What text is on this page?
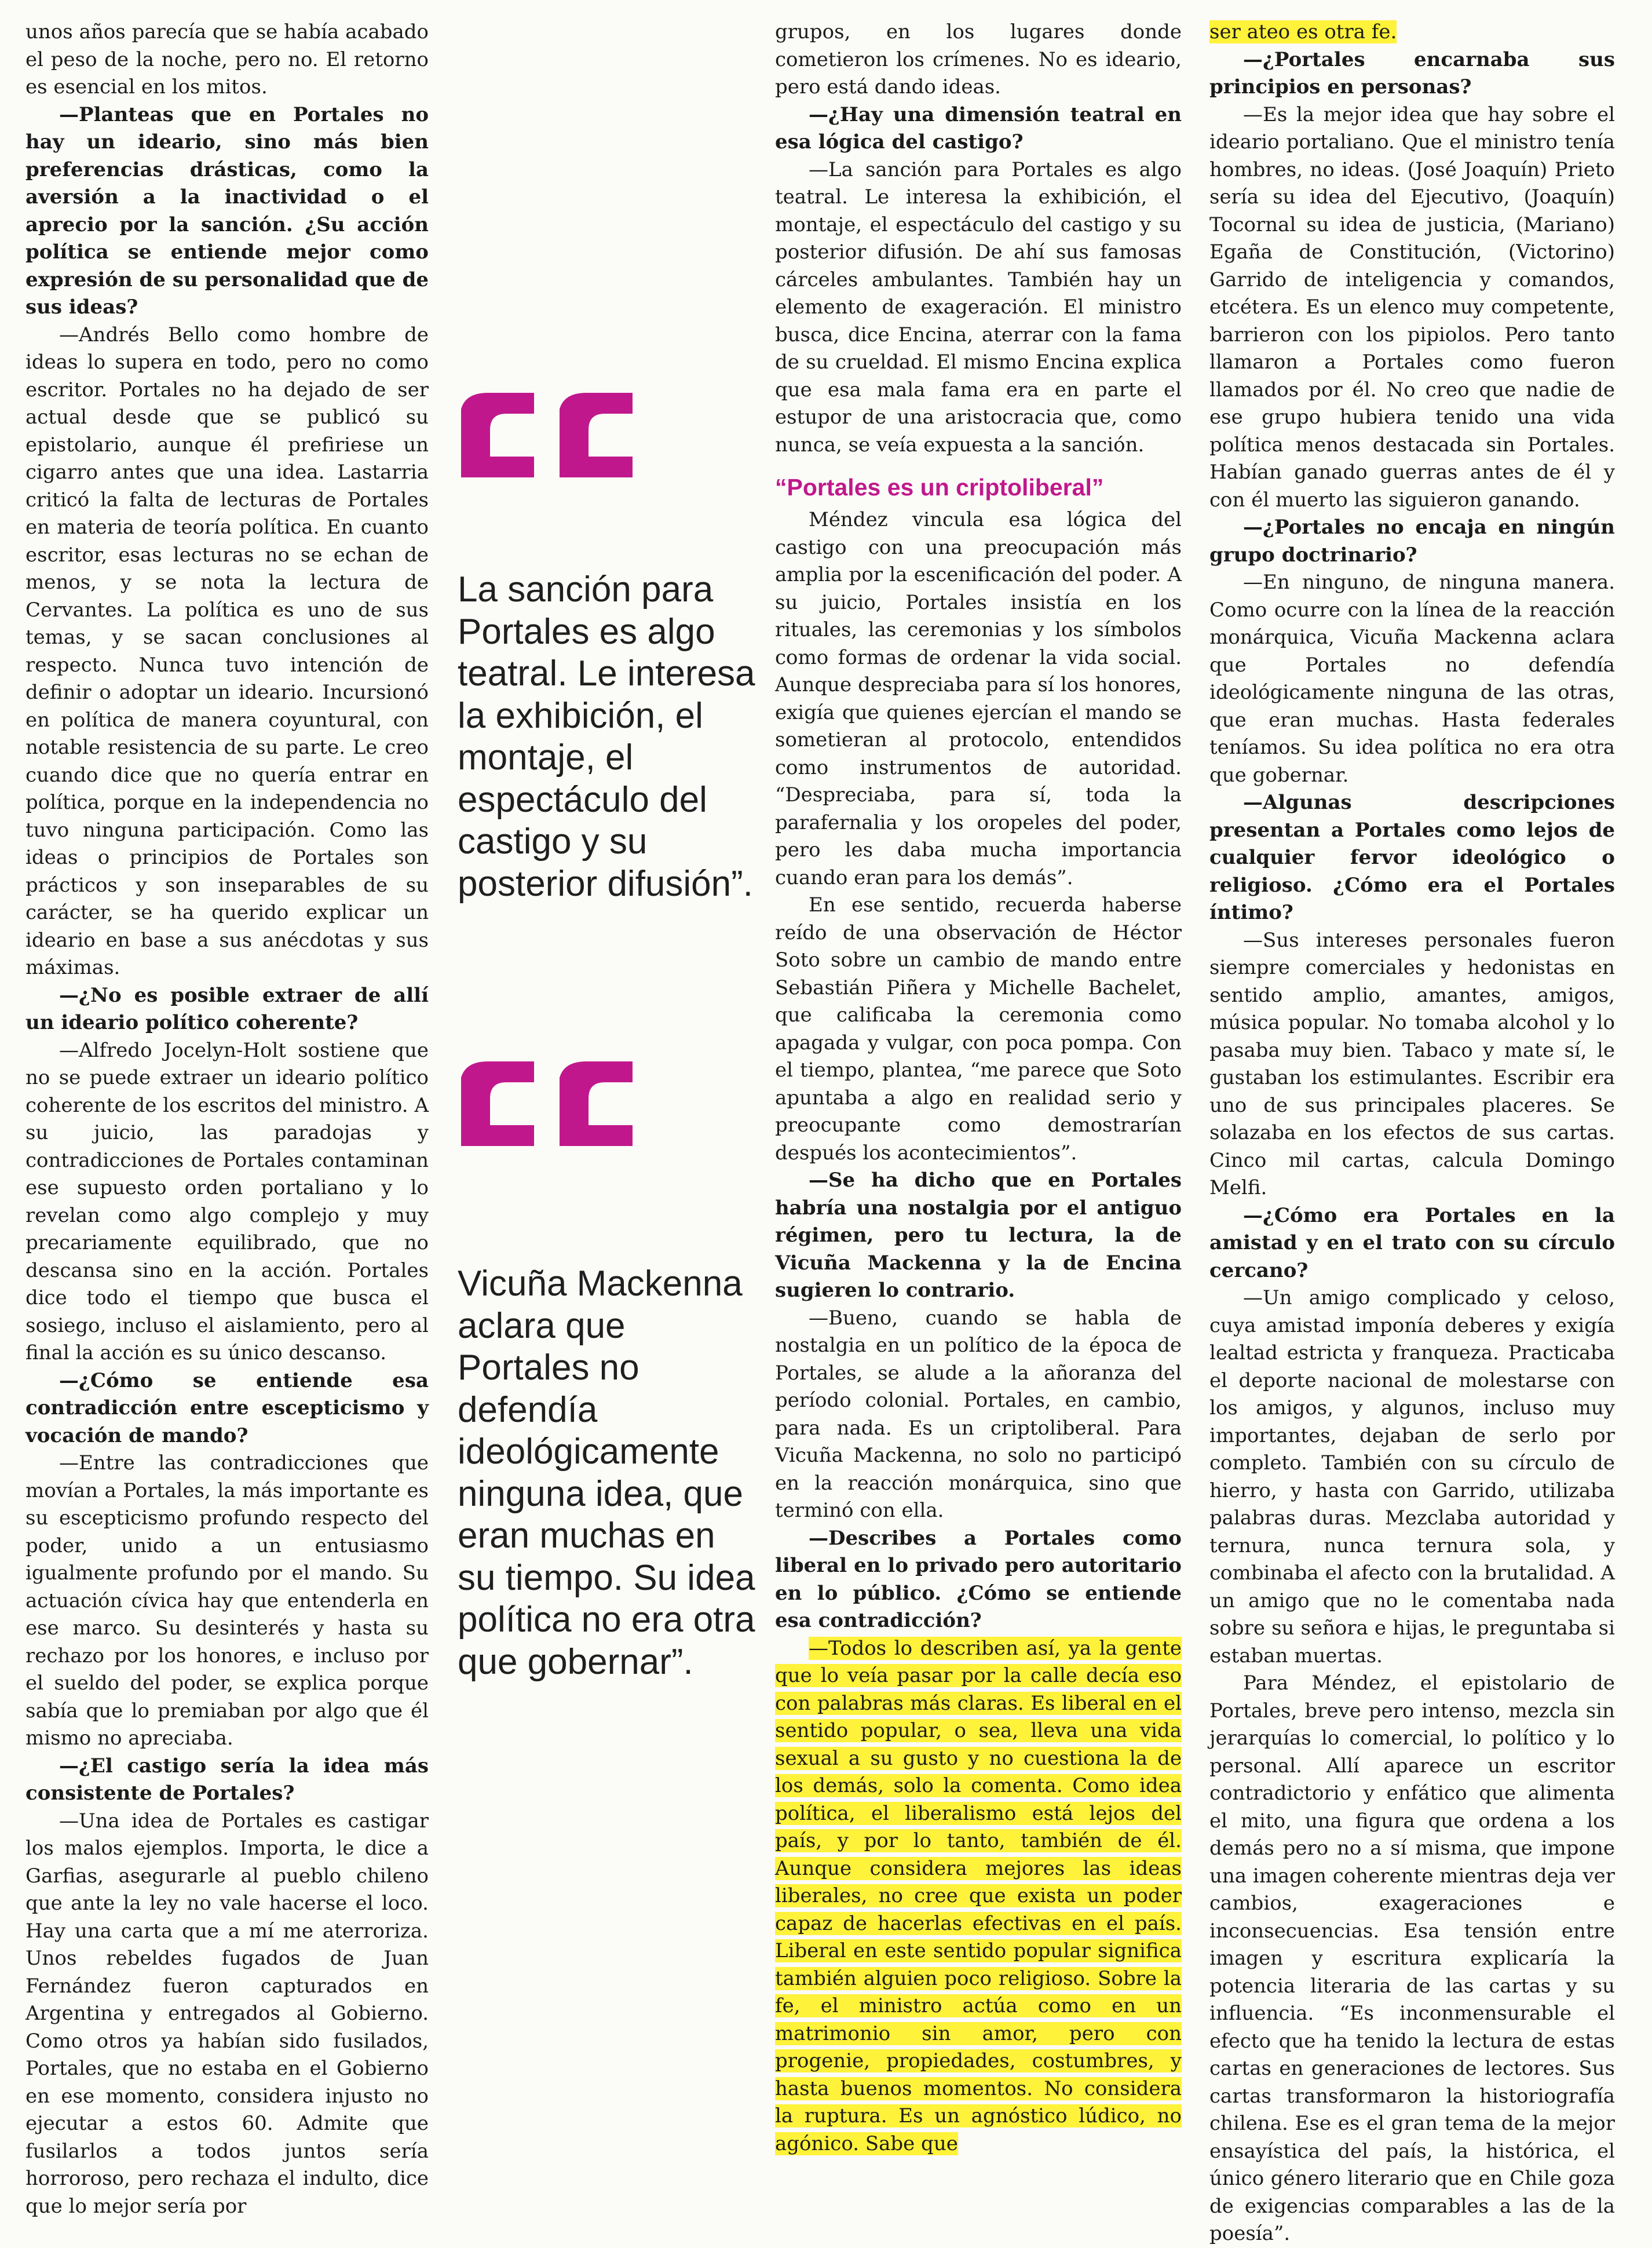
unos años parecía que se había acabado el peso de la noche, pero no. El retorno es esencial en los mitos.

—Planteas que en Portales no hay un ideario, sino más bien preferencias drásticas, como la aversión a la inactividad o el aprecio por la sanción. ¿Su acción política se entiende mejor como expresión de su personalidad que de sus ideas?

—Andrés Bello como hombre de ideas lo supera en todo, pero no como escritor. Portales no ha dejado de ser actual desde que se publicó su epistolario, aunque él prefiriese un cigarro antes que una idea. Lastarria criticó la falta de lecturas de Portales en materia de teoría política. En cuanto escritor, esas lecturas no se echan de menos, y se nota la lectura de Cervantes. La política es uno de sus temas, y se sacan conclusiones al respecto. Nunca tuvo intención de definir o adoptar un ideario. Incursionó en política de manera coyuntural, con notable resistencia de su parte. Le creo cuando dice que no quería entrar en política, porque en la independencia no tuvo ninguna participación. Como las ideas o principios de Portales son prácticos y son inseparables de su carácter, se ha querido explicar un ideario en base a sus anécdotas y sus máximas.

—¿No es posible extraer de allí un ideario político coherente?

—Alfredo Jocelyn-Holt sostiene que no se puede extraer un ideario político coherente de los escritos del ministro. A su juicio, las paradojas y contradicciones de Portales contaminan ese supuesto orden portaliano y lo revelan como algo complejo y muy precariamente equilibrado, que no descansa sino en la acción. Portales dice todo el tiempo que busca el sosiego, incluso el aislamiento, pero al final la acción es su único descanso.

—¿Cómo se entiende esa contradicción entre escepticismo y vocación de mando?

—Entre las contradicciones que movían a Portales, la más importante es su escepticismo profundo respecto del poder, unido a un entusiasmo igualmente profundo por el mando. Su actuación cívica hay que entenderla en ese marco. Su desinterés y hasta su rechazo por los honores, e incluso por el sueldo del poder, se explica porque sabía que lo premiaban por algo que él mismo no apreciaba.

—¿El castigo sería la idea más consistente de Portales?

—Una idea de Portales es castigar los malos ejemplos. Importa, le dice a Garfias, asegurarle al pueblo chileno que ante la ley no vale hacerse el loco. Hay una carta que a mí me aterroriza. Unos rebeldes fugados de Juan Fernández fueron capturados en Argentina y entregados al Gobierno. Como otros ya habían sido fusilados, Portales, que no estaba en el Gobierno en ese momento, considera injusto no ejecutar a estos 60. Admite que fusilarlos a todos juntos sería horroroso, pero rechaza el indulto, dice que lo mejor sería por

La sanción para Portales es algo teatral. Le interesa la exhibición, el montaje, el espectáculo del castigo y su posterior difusión”.
Vicuña Mackenna aclara que Portales no defendía ideológicamente ninguna idea, que eran muchas en su tiempo. Su idea política no era otra que gobernar”.

grupos, en los lugares donde cometieron los crímenes. No es ideario, pero está dando ideas.

—¿Hay una dimensión teatral en esa lógica del castigo?

—La sanción para Portales es algo teatral. Le interesa la exhibición, el montaje, el espectáculo del castigo y su posterior difusión. De ahí sus famosas cárceles ambulantes. También hay un elemento de exageración. El ministro busca, dice Encina, aterrar con la fama de su crueldad. El mismo Encina explica que esa mala fama era en parte el estupor de una aristocracia que, como nunca, se veía expuesta a la sanción.

“Portales es un criptoliberal”

Méndez vincula esa lógica del castigo con una preocupación más amplia por la escenificación del poder. A su juicio, Portales insistía en los rituales, las ceremonias y los símbolos como formas de ordenar la vida social. Aunque despreciaba para sí los honores, exigía que quienes ejercían el mando se sometieran al protocolo, entendidos como instrumentos de autoridad. “Despreciaba, para sí, toda la parafernalia y los oropeles del poder, pero les daba mucha importancia cuando eran para los demás”.

En ese sentido, recuerda haberse reído de una observación de Héctor Soto sobre un cambio de mando entre Sebastián Piñera y Michelle Bachelet, que calificaba la ceremonia como apagada y vulgar, con poca pompa. Con el tiempo, plantea, “me parece que Soto apuntaba a algo en realidad serio y preocupante como demostrarían después los acontecimientos”.

—Se ha dicho que en Portales habría una nostalgia por el antiguo régimen, pero tu lectura, la de Vicuña Mackenna y la de Encina sugieren lo contrario.

—Bueno, cuando se habla de nostalgia en un político de la época de Portales, se alude a la añoranza del período colonial. Portales, en cambio, para nada. Es un criptoliberal. Para Vicuña Mackenna, no solo no participó en la reacción monárquica, sino que terminó con ella.

—Describes a Portales como liberal en lo privado pero autoritario en lo público. ¿Cómo se entiende esa contradicción?

—Todos lo describen así, ya la gente que lo veía pasar por la calle decía eso con palabras más claras. Es liberal en el sentido popular, o sea, lleva una vida sexual a su gusto y no cuestiona la de los demás, solo la comenta. Como idea política, el liberalismo está lejos del país, y por lo tanto, también de él. Aunque considera mejores las ideas liberales, no cree que exista un poder capaz de hacerlas efectivas en el país. Liberal en este sentido popular significa también alguien poco religioso. Sobre la fe, el ministro actúa como en un matrimonio sin amor, pero con progenie, propiedades, costumbres, y hasta buenos momentos. No considera la ruptura. Es un agnóstico lúdico, no agónico. Sabe que

ser ateo es otra fe.

—¿Portales encarnaba sus principios en personas?

—Es la mejor idea que hay sobre el ideario portaliano. Que el ministro tenía hombres, no ideas. (José Joaquín) Prieto sería su idea del Ejecutivo, (Joaquín) Tocornal su idea de justicia, (Mariano) Egaña de Constitución, (Victorino) Garrido de inteligencia y comandos, etcétera. Es un elenco muy competente, barrieron con los pipiolos. Pero tanto llamaron a Portales como fueron llamados por él. No creo que nadie de ese grupo hubiera tenido una vida política menos destacada sin Portales. Habían ganado guerras antes de él y con él muerto las siguieron ganando.

—¿Portales no encaja en ningún grupo doctrinario?

—En ninguno, de ninguna manera. Como ocurre con la línea de la reacción monárquica, Vicuña Mackenna aclara que Portales no defendía ideológicamente ninguna de las otras, que eran muchas. Hasta federales teníamos. Su idea política no era otra que gobernar.

—Algunas descripciones presentan a Portales como lejos de cualquier fervor ideológico o religioso. ¿Cómo era el Portales íntimo?

—Sus intereses personales fueron siempre comerciales y hedonistas en sentido amplio, amantes, amigos, música popular. No tomaba alcohol y lo pasaba muy bien. Tabaco y mate sí, le gustaban los estimulantes. Escribir era uno de sus principales placeres. Se solazaba en los efectos de sus cartas. Cinco mil cartas, calcula Domingo Melfi.

—¿Cómo era Portales en la amistad y en el trato con su círculo cercano?

—Un amigo complicado y celoso, cuya amistad imponía deberes y exigía lealtad estricta y franqueza. Practicaba el deporte nacional de molestarse con los amigos, y algunos, incluso muy importantes, dejaban de serlo por completo. También con su círculo de hierro, y hasta con Garrido, utilizaba palabras duras. Mezclaba autoridad y ternura, nunca ternura sola, y combinaba el afecto con la brutalidad. A un amigo que no le comentaba nada sobre su señora e hijas, le preguntaba si estaban muertas.

Para Méndez, el epistolario de Portales, breve pero intenso, mezcla sin jerarquías lo comercial, lo político y lo personal. Allí aparece un escritor contradictorio y enfático que alimenta el mito, una figura que ordena a los demás pero no a sí misma, que impone una imagen coherente mientras deja ver cambios, exageraciones e inconsecuencias. Esa tensión entre imagen y escritura explicaría la potencia literaria de las cartas y su influencia. “Es inconmensurable el efecto que ha tenido la lectura de estas cartas en generaciones de lectores. Sus cartas transformaron la historiografía chilena. Ese es el gran tema de la mejor ensayística del país, la histórica, el único género literario que en Chile goza de exigencias comparables a las de la poesía”.
